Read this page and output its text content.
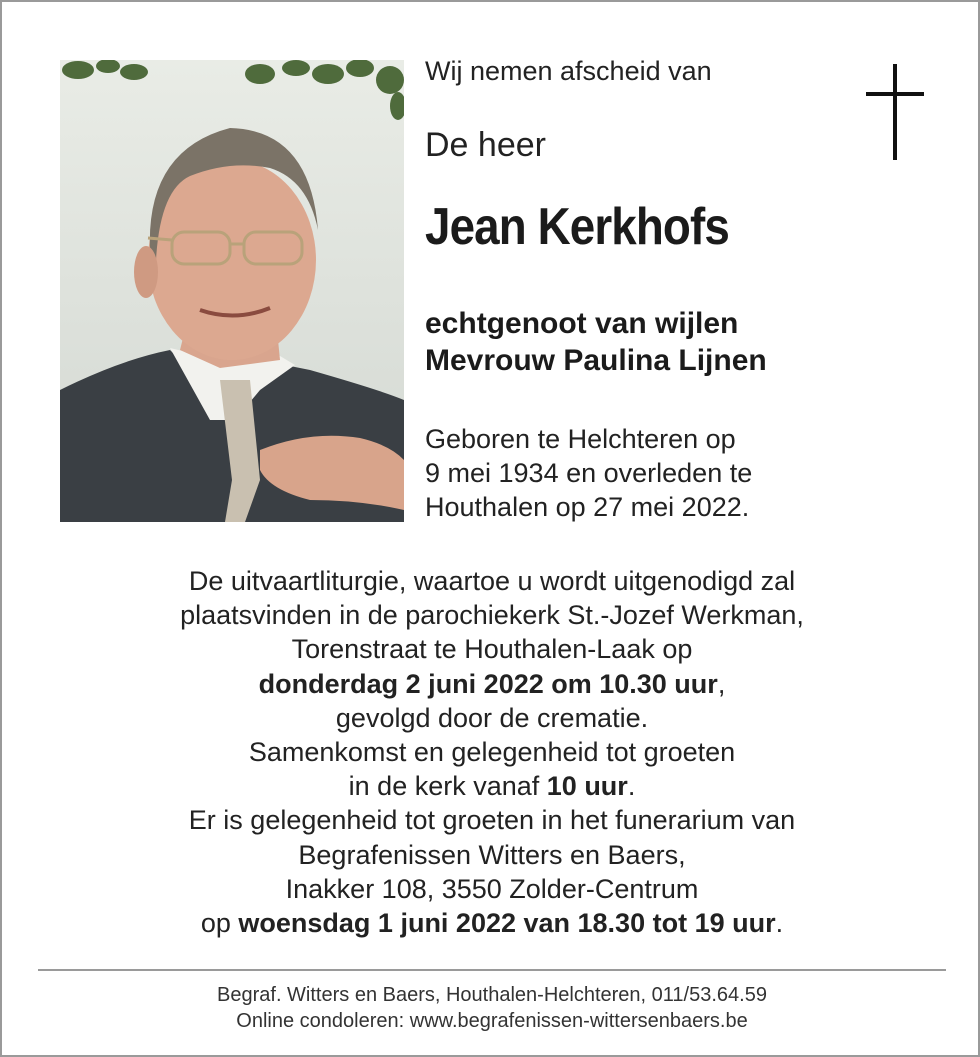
Wij nemen afscheid van
De heer
Jean Kerkhofs
echtgenoot van wijlen
Mevrouw Paulina Lijnen
Geboren te Helchteren op
9 mei 1934 en overleden te
Houthalen op 27 mei 2022.
De uitvaartliturgie, waartoe u wordt uitgenodigd zal
plaatsvinden in de parochiekerk St.-Jozef Werkman,
Torenstraat te Houthalen-Laak op
donderdag 2 juni 2022 om 10.30 uur,
gevolgd door de crematie.
Samenkomst en gelegenheid tot groeten
in de kerk vanaf 10 uur.
Er is gelegenheid tot groeten in het funerarium van
Begrafenissen Witters en Baers,
Inakker 108, 3550 Zolder-Centrum
op woensdag 1 juni 2022 van 18.30 tot 19 uur.
Begraf. Witters en Baers, Houthalen-Helchteren, 011/53.64.59
Online condoleren: www.begrafenissen-wittersenbaers.be
